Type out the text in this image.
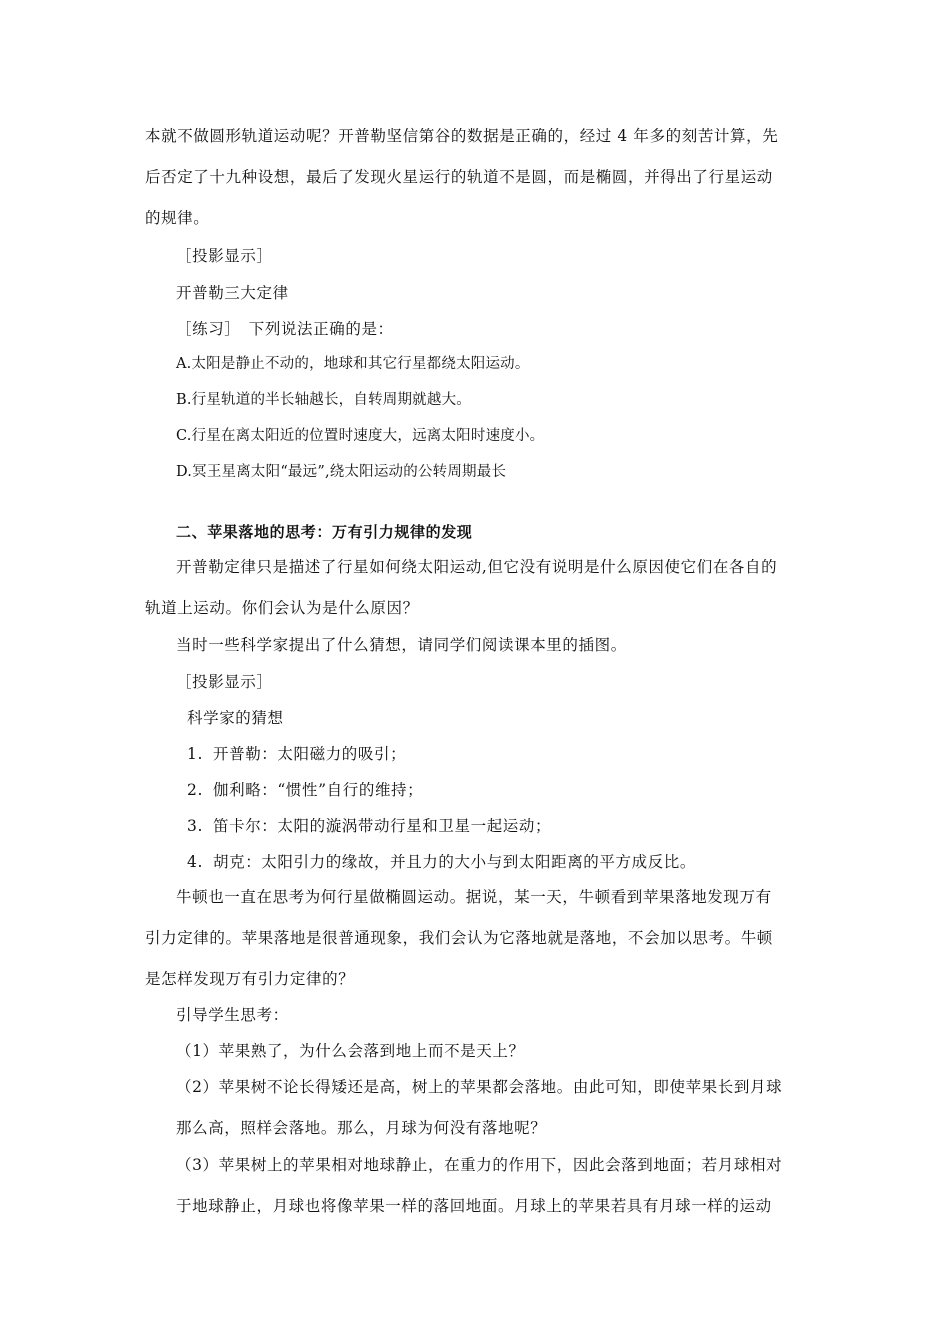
本就不做圆形轨道运动呢？开普勒坚信第谷的数据是正确的，经过 4 年多的刻苦计算，先
后否定了十九种设想，最后了发现火星运行的轨道不是圆，而是椭圆，并得出了行星运动
的规律。
［投影显示］
开普勒三大定律
［练习］　下列说法正确的是：
A.太阳是静止不动的，地球和其它行星都绕太阳运动。
B.行星轨道的半长轴越长，自转周期就越大。
C.行星在离太阳近的位置时速度大，远离太阳时速度小。
D.冥王星离太阳“最远”,绕太阳运动的公转周期最长
二、苹果落地的思考：万有引力规律的发现
开普勒定律只是描述了行星如何绕太阳运动,但它没有说明是什么原因使它们在各自的
轨道上运动。你们会认为是什么原因？
当时一些科学家提出了什么猜想，请同学们阅读课本里的插图。
［投影显示］
科学家的猜想
1. 开普勒：太阳磁力的吸引；
2. 伽利略：“惯性”自行的维持；
3. 笛卡尔：太阳的漩涡带动行星和卫星一起运动；
4. 胡克：太阳引力的缘故，并且力的大小与到太阳距离的平方成反比。
牛顿也一直在思考为何行星做椭圆运动。据说，某一天，牛顿看到苹果落地发现万有
引力定律的。苹果落地是很普通现象，我们会认为它落地就是落地，不会加以思考。牛顿
是怎样发现万有引力定律的？
引导学生思考：
（1）苹果熟了，为什么会落到地上而不是天上？
（2）苹果树不论长得矮还是高，树上的苹果都会落地。由此可知，即使苹果长到月球
那么高，照样会落地。那么，月球为何没有落地呢？
（3）苹果树上的苹果相对地球静止，在重力的作用下，因此会落到地面；若月球相对
于地球静止，月球也将像苹果一样的落回地面。月球上的苹果若具有月球一样的运动
